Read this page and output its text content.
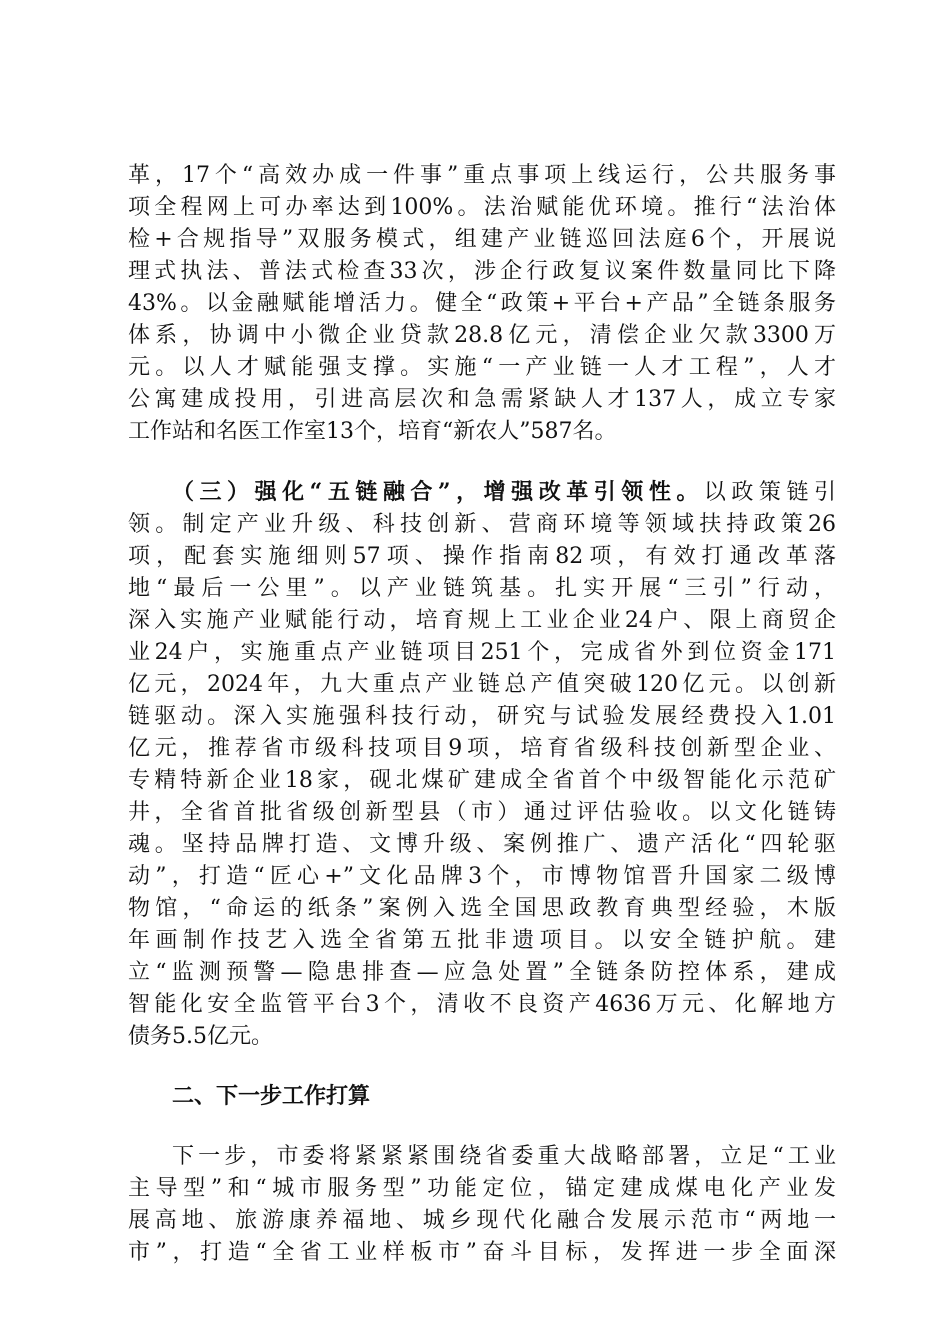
革，17个“高效办成一件事”重点事项上线运行，公共服务事
项全程网上可办率达到100%。法治赋能优环境。推行“法治体
检+合规指导”双服务模式，组建产业链巡回法庭6个，开展说
理式执法、普法式检查33次，涉企行政复议案件数量同比下降
43%。以金融赋能增活力。健全“政策+平台+产品”全链条服务
体系，协调中小微企业贷款28.8亿元，清偿企业欠款3300万
元。以人才赋能强支撑。实施“一产业链一人才工程”，人才
公寓建成投用，引进高层次和急需紧缺人才137人，成立专家
工作站和名医工作室13个，培育“新农人”587名。
（三）强化“五链融合”，增强改革引领性。以政策链引
领。制定产业升级、科技创新、营商环境等领域扶持政策26
项，配套实施细则57项、操作指南82项，有效打通改革落
地“最后一公里”。以产业链筑基。扎实开展“三引”行动，
深入实施产业赋能行动，培育规上工业企业24户、限上商贸企
业24户，实施重点产业链项目251个，完成省外到位资金171
亿元，2024年，九大重点产业链总产值突破120亿元。以创新
链驱动。深入实施强科技行动，研究与试验发展经费投入1.01
亿元，推荐省市级科技项目9项，培育省级科技创新型企业、
专精特新企业18家，砚北煤矿建成全省首个中级智能化示范矿
井，全省首批省级创新型县（市）通过评估验收。以文化链铸
魂。坚持品牌打造、文博升级、案例推广、遗产活化“四轮驱
动”，打造“匠心+”文化品牌3个，市博物馆晋升国家二级博
物馆，“命运的纸条”案例入选全国思政教育典型经验，木版
年画制作技艺入选全省第五批非遗项目。以安全链护航。建
立“监测预警—隐患排查—应急处置”全链条防控体系，建成
智能化安全监管平台3个，清收不良资产4636万元、化解地方
债务5.5亿元。
二、下一步工作打算
下一步，市委将紧紧紧围绕省委重大战略部署，立足“工业
主导型”和“城市服务型”功能定位，锚定建成煤电化产业发
展高地、旅游康养福地、城乡现代化融合发展示范市“两地一
市”，打造“全省工业样板市”奋斗目标，发挥进一步全面深
